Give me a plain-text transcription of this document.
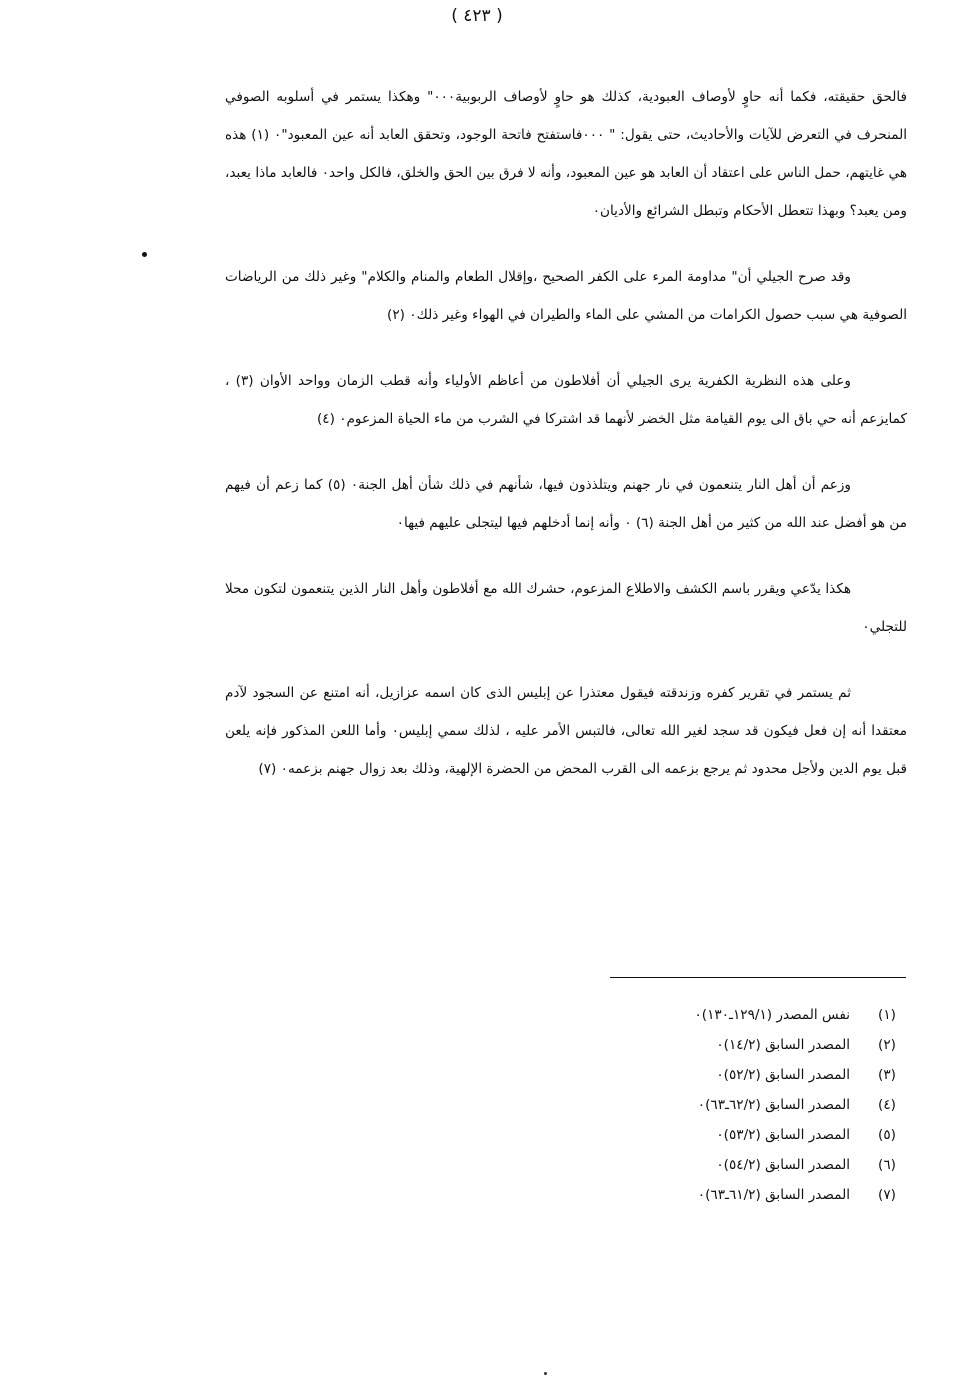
( ٤٢٣ )

فالحق حقيقته، فكما أنه حاوٍ لأوصاف العبودية، كذلك هو حاوٍ لأوصاف الربوبية٠٠٠" وهكذا يستمر في أسلوبه الصوفي المنحرف في التعرض للآيات والأحاديث، حتى يقول: " ٠٠٠فاستفتح فاتحة الوجود، وتحقق العابد أنه عين المعبود"٠ (١) هذه هي غايتهم، حمل الناس على اعتقاد أن العابد هو عين المعبود، وأنه لا فرق بين الحق والخلق، فالكل واحد٠ فالعابد ماذا يعبد، ومن يعبد؟ وبهذا تتعطل الأحكام وتبطل الشرائع والأديان٠

وقد صرح الجيلي أن" مداومة المرء على الكفر الصحيح ،وإقلال الطعام والمنام والكلام" وغير ذلك من الرياضات الصوفية هي سبب حصول الكرامات من المشي على الماء والطيران في الهواء وغير ذلك٠ (٢)

وعلى هذه النظرية الكفرية يرى الجيلي أن أفلاطون من أعاظم الأولياء وأنه قطب الزمان وواحد الأوان (٣) ، كمايزعم أنه حي باق الى يوم القيامة مثل الخضر لأنهما قد اشتركا في الشرب من ماء الحياة المزعوم٠ (٤)

وزعم أن أهل النار يتنعمون في نار جهنم ويتلذذون فيها، شأنهم في ذلك شأن أهل الجنة٠ (٥) كما زعم أن فيهم من هو أفضل عند الله من كثير من أهل الجنة (٦) ٠ وأنه إنما أدخلهم فيها ليتجلى عليهم فيها٠

هكذا يدّعي ويقرر باسم الكشف والاطلاع المزعوم، حشرك الله مع أفلاطون وأهل النار الذين يتنعمون لتكون محلا للتجلي٠

ثم يستمر في تقرير كفره وزندقته فيقول معتذرا عن إبليس الذى كان اسمه عزازيل، أنه امتنع عن السجود لآدم معتقدا أنه إن فعل فيكون قد سجد لغير الله تعالى، فالتبس الأمر عليه ، لذلك سمي إبليس٠ وأما اللعن المذكور فإنه يلعن قبل يوم الدين ولأجل محدود ثم يرجع بزعمه الى القرب المحض من الحضرة الإلهية، وذلك بعد زوال جهنم بزعمه٠ (٧)

(١)نفس المصدر (١٢٩/١ـ١٣٠)٠
(٢)المصدر السابق (١٤/٢)٠
(٣)المصدر السابق (٥٢/٢)٠
(٤)المصدر السابق (٦٢/٢ـ٦٣)٠
(٥)المصدر السابق (٥٣/٢)٠
(٦)المصدر السابق (٥٤/٢)٠
(٧)المصدر السابق (٦١/٢ـ٦٣)٠
